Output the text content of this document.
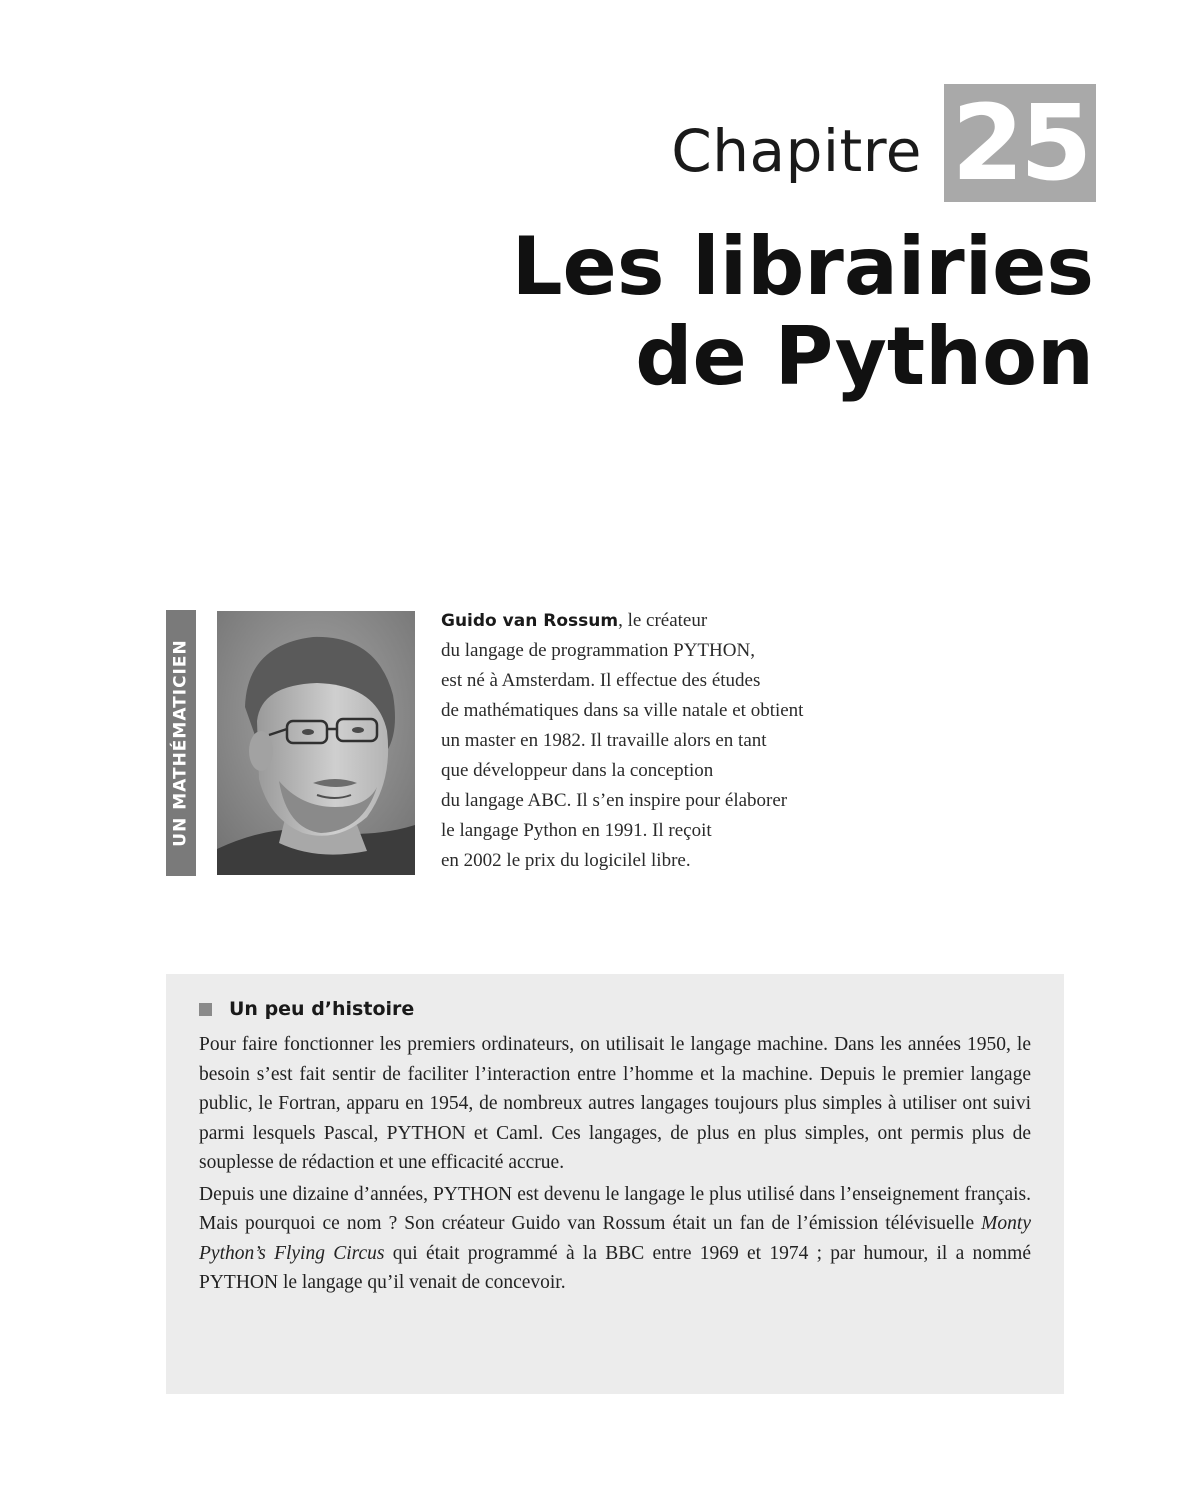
Chapitre 25
Les librairies
de Python
UN MATHÉMATICIEN
Guido van Rossum, le créateur
du langage de programmation PYTHON,
est né à Amsterdam. Il effectue des études
de mathématiques dans sa ville natale et obtient
un master en 1982. Il travaille alors en tant
que développeur dans la conception
du langage ABC. Il s’en inspire pour élaborer
le langage Python en 1991. Il reçoit
en 2002 le prix du logicilel libre.
Un peu d’histoire

Pour faire fonctionner les premiers ordinateurs, on utilisait le langage machine. Dans les années 1950, le besoin s’est fait sentir de faciliter l’interaction entre l’homme et la machine. Depuis le premier langage public, le Fortran, apparu en 1954, de nombreux autres langages toujours plus simples à utiliser ont suivi parmi lesquels Pascal, PYTHON et Caml. Ces langages, de plus en plus simples, ont permis plus de souplesse de rédaction et une efficacité accrue.

Depuis une dizaine d’années, PYTHON est devenu le langage le plus utilisé dans l’enseignement français. Mais pourquoi ce nom ? Son créateur Guido van Rossum était un fan de l’émission télévisuelle Monty Python’s Flying Circus qui était programmé à la BBC entre 1969 et 1974 ; par humour, il a nommé PYTHON le langage qu’il venait de concevoir.
